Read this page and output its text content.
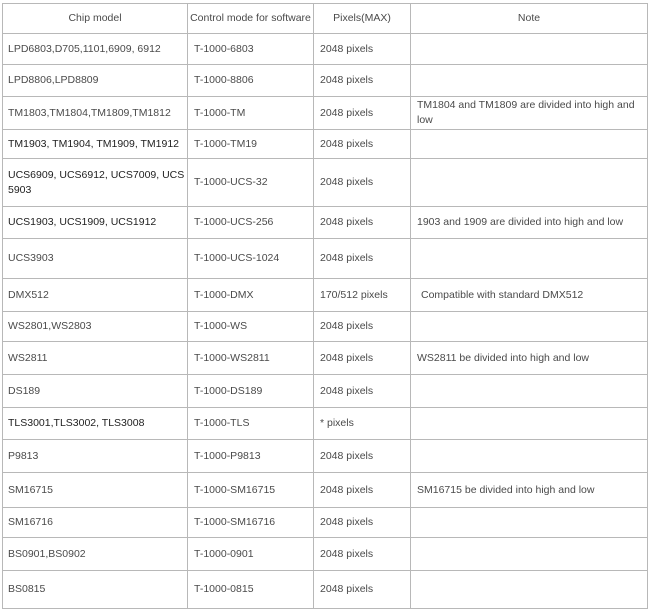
Chip model	Control mode for software	Pixels(MAX)	Note
LPD6803,D705,1101,6909, 6912	T-1000-6803	2048 pixels	
LPD8806,LPD8809	T-1000-8806	2048 pixels	
TM1803,TM1804,TM1809,TM1812	T-1000-TM	2048 pixels	TM1804 and TM1809 are divided into high and low
TM1903, TM1904, TM1909, TM1912	T-1000-TM19	2048 pixels	
UCS6909, UCS6912, UCS7009, UCS 5903	T-1000-UCS-32	2048 pixels	
UCS1903, UCS1909, UCS1912	T-1000-UCS-256	2048 pixels	1903 and 1909 are divided into high and low
UCS3903	T-1000-UCS-1024	2048 pixels	
DMX512	T-1000-DMX	170/512 pixels	Compatible with standard DMX512
WS2801,WS2803	T-1000-WS	2048 pixels	
WS2811	T-1000-WS2811	2048 pixels	WS2811 be divided into high and low
DS189	T-1000-DS189	2048 pixels	
TLS3001,TLS3002, TLS3008	T-1000-TLS	* pixels	
P9813	T-1000-P9813	2048 pixels	
SM16715	T-1000-SM16715	2048 pixels	SM16715 be divided into high and low
SM16716	T-1000-SM16716	2048 pixels	
BS0901,BS0902	T-1000-0901	2048 pixels	
BS0815	T-1000-0815	2048 pixels	
